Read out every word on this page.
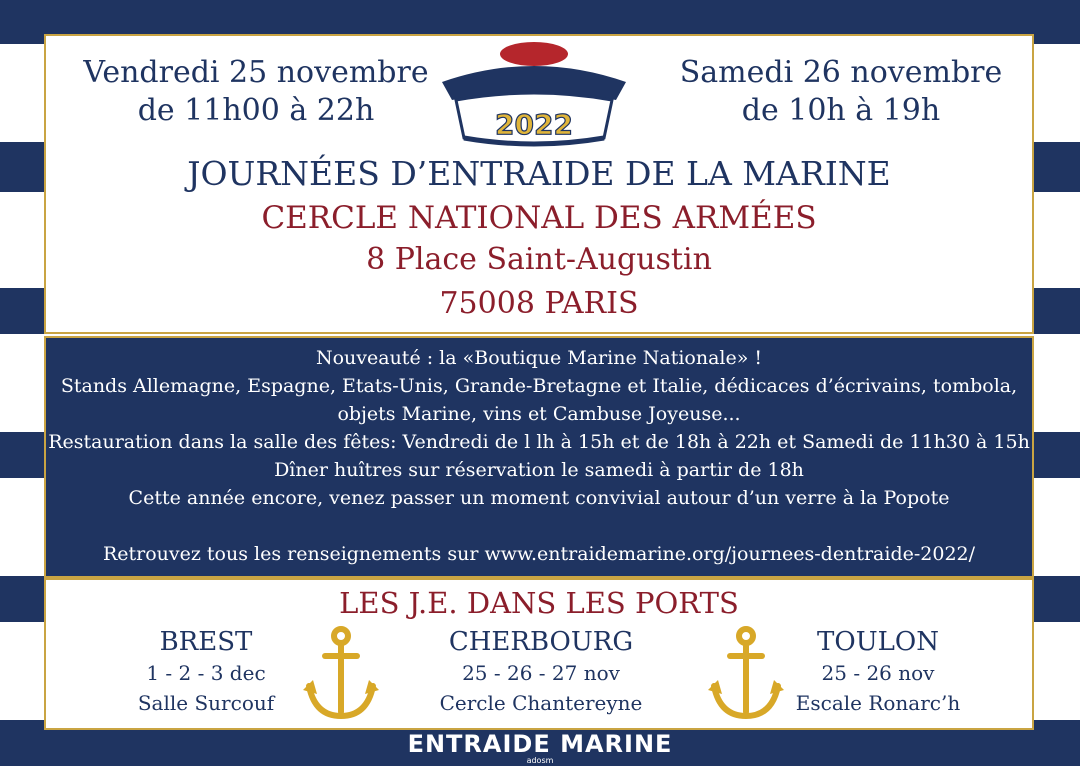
Vendredi 25 novembre
de 11h00 à 22h	2022
Samedi 26 novembre
de 10h à 19h
JOURNÉES D’ENTRAIDE DE LA MARINE
CERCLE NATIONAL DES ARMÉES
8 Place Saint-Augustin
75008 PARIS
Nouveauté : la «Boutique Marine Nationale» !
Stands Allemagne, Espagne, Etats-Unis, Grande-Bretagne et Italie, dédicaces d’écrivains, tombola,
objets Marine, vins et Cambuse Joyeuse...
Restauration dans la salle des fêtes: Vendredi de l lh à 15h et de 18h à 22h et Samedi de 11h30 à 15h
Dîner huîtres sur réservation le samedi à partir de 18h
Cette année encore, venez passer un moment convivial autour d’un verre à la Popote
Retrouvez tous les renseignements sur www.entraidemarine.org/journees-dentraide-2022/
LES J.E. DANS LES PORTS
BREST
1 - 2 - 3 dec
Salle Surcouf
CHERBOURG
25 - 26 - 27 nov
Cercle Chantereyne
TOULON
25 - 26 nov
Escale Ronarc’h
ENTRAIDE MARINE
adosm
